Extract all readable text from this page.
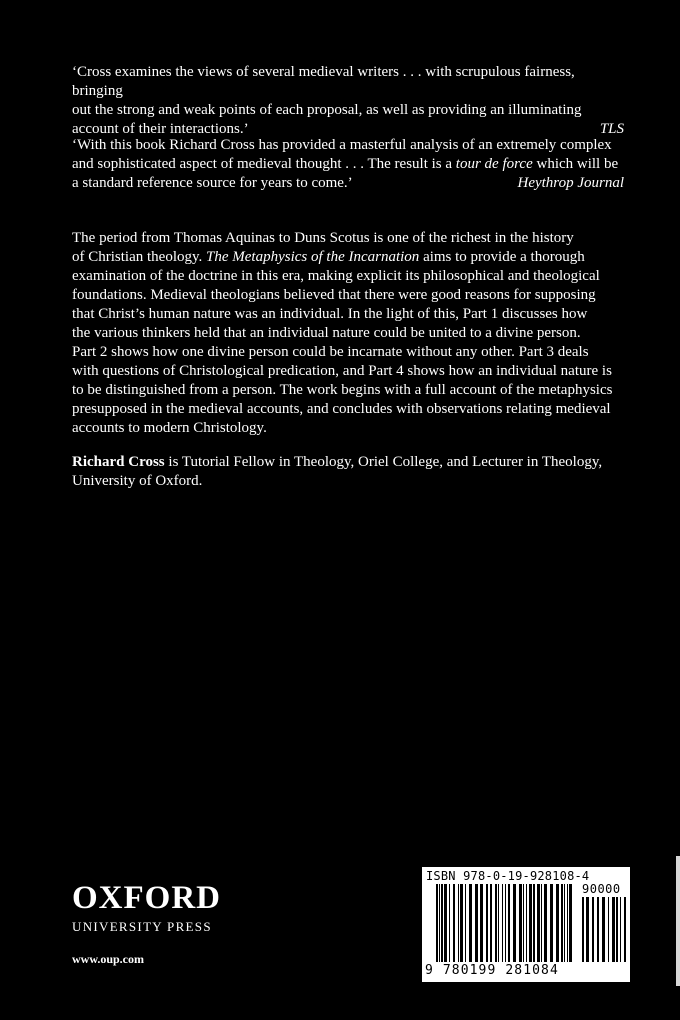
‘Cross examines the views of several medieval writers . . . with scrupulous fairness, bringing

out the strong and weak points of each proposal, as well as providing an illuminating

account of their interactions.’	TLS

‘With this book Richard Cross has provided a masterful analysis of an extremely complex

and sophisticated aspect of medieval thought . . . The result is a tour de force which will be

a standard reference source for years to come.’	Heythrop Journal

The period from Thomas Aquinas to Duns Scotus is one of the richest in the history

of Christian theology. The Metaphysics of the Incarnation aims to provide a thorough

examination of the doctrine in this era, making explicit its philosophical and theological

foundations. Medieval theologians believed that there were good reasons for supposing

that Christ’s human nature was an individual. In the light of this, Part 1 discusses how

the various thinkers held that an individual nature could be united to a divine person.

Part 2 shows how one divine person could be incarnate without any other. Part 3 deals

with questions of Christological predication, and Part 4 shows how an individual nature is

to be distinguished from a person. The work begins with a full account of the metaphysics

presupposed in the medieval accounts, and concludes with observations relating medieval

accounts to modern Christology.

Richard Cross is Tutorial Fellow in Theology, Oriel College, and Lecturer in Theology,

University of Oxford.

OXFORD
UNIVERSITY PRESS
www.oup.com
ISBN 978-0-19-928108-4
90000
9 780199 281084
